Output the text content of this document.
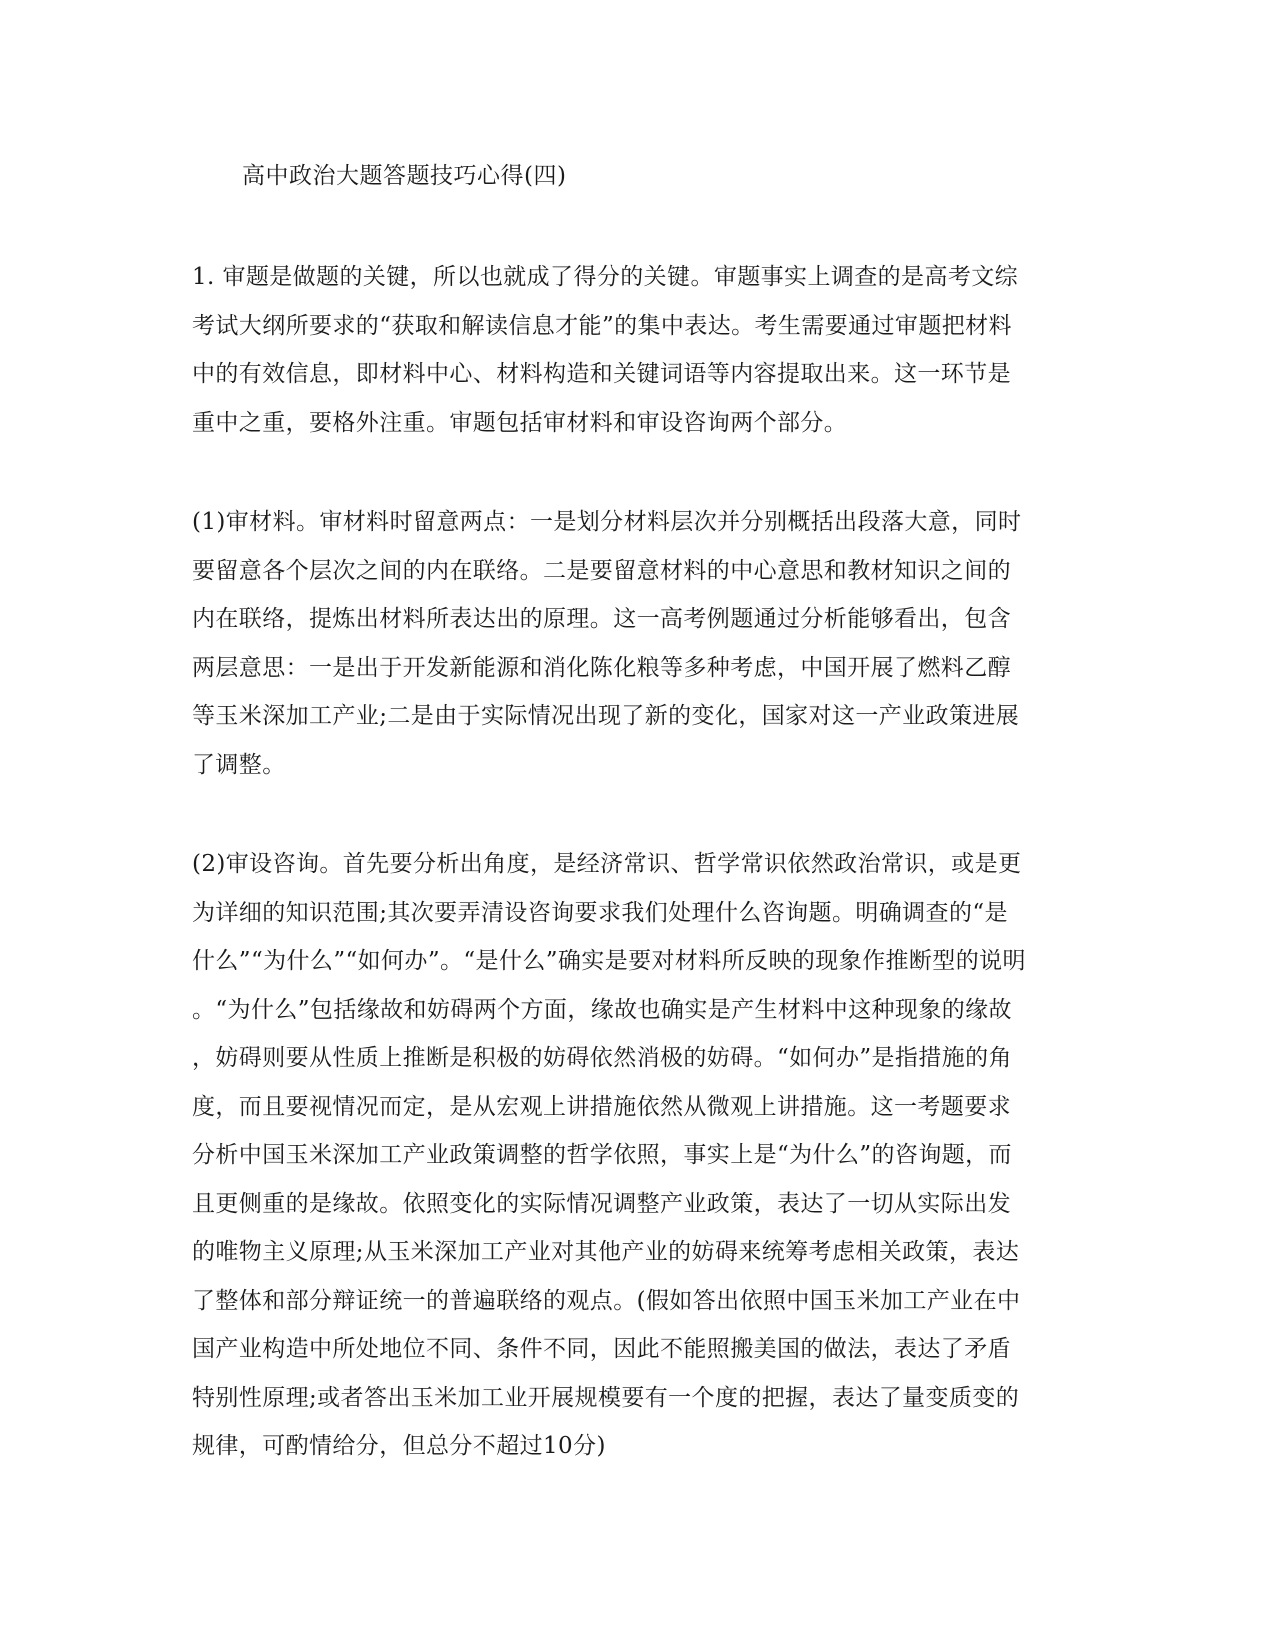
高中政治大题答题技巧心得(四)

1. 审题是做题的关键，所以也就成了得分的关键。审题事实上调查的是高考文综
考试大纲所要求的“获取和解读信息才能”的集中表达。考生需要通过审题把材料
中的有效信息，即材料中心、材料构造和关键词语等内容提取出来。这一环节是
重中之重，要格外注重。审题包括审材料和审设咨询两个部分。

(1)审材料。审材料时留意两点：一是划分材料层次并分别概括出段落大意，同时
要留意各个层次之间的内在联络。二是要留意材料的中心意思和教材知识之间的
内在联络，提炼出材料所表达出的原理。这一高考例题通过分析能够看出，包含
两层意思：一是出于开发新能源和消化陈化粮等多种考虑，中国开展了燃料乙醇
等玉米深加工产业;二是由于实际情况出现了新的变化，国家对这一产业政策进展
了调整。

(2)审设咨询。首先要分析出角度，是经济常识、哲学常识依然政治常识，或是更
为详细的知识范围;其次要弄清设咨询要求我们处理什么咨询题。明确调查的“是
什么”“为什么”“如何办”。“是什么”确实是要对材料所反映的现象作推断型的说明
。“为什么”包括缘故和妨碍两个方面，缘故也确实是产生材料中这种现象的缘故
，妨碍则要从性质上推断是积极的妨碍依然消极的妨碍。“如何办”是指措施的角
度，而且要视情况而定，是从宏观上讲措施依然从微观上讲措施。这一考题要求
分析中国玉米深加工产业政策调整的哲学依照，事实上是“为什么”的咨询题，而
且更侧重的是缘故。依照变化的实际情况调整产业政策，表达了一切从实际出发
的唯物主义原理;从玉米深加工产业对其他产业的妨碍来统筹考虑相关政策，表达
了整体和部分辩证统一的普遍联络的观点。(假如答出依照中国玉米加工产业在中
国产业构造中所处地位不同、条件不同，因此不能照搬美国的做法，表达了矛盾
特别性原理;或者答出玉米加工业开展规模要有一个度的把握，表达了量变质变的
规律，可酌情给分，但总分不超过10分)
